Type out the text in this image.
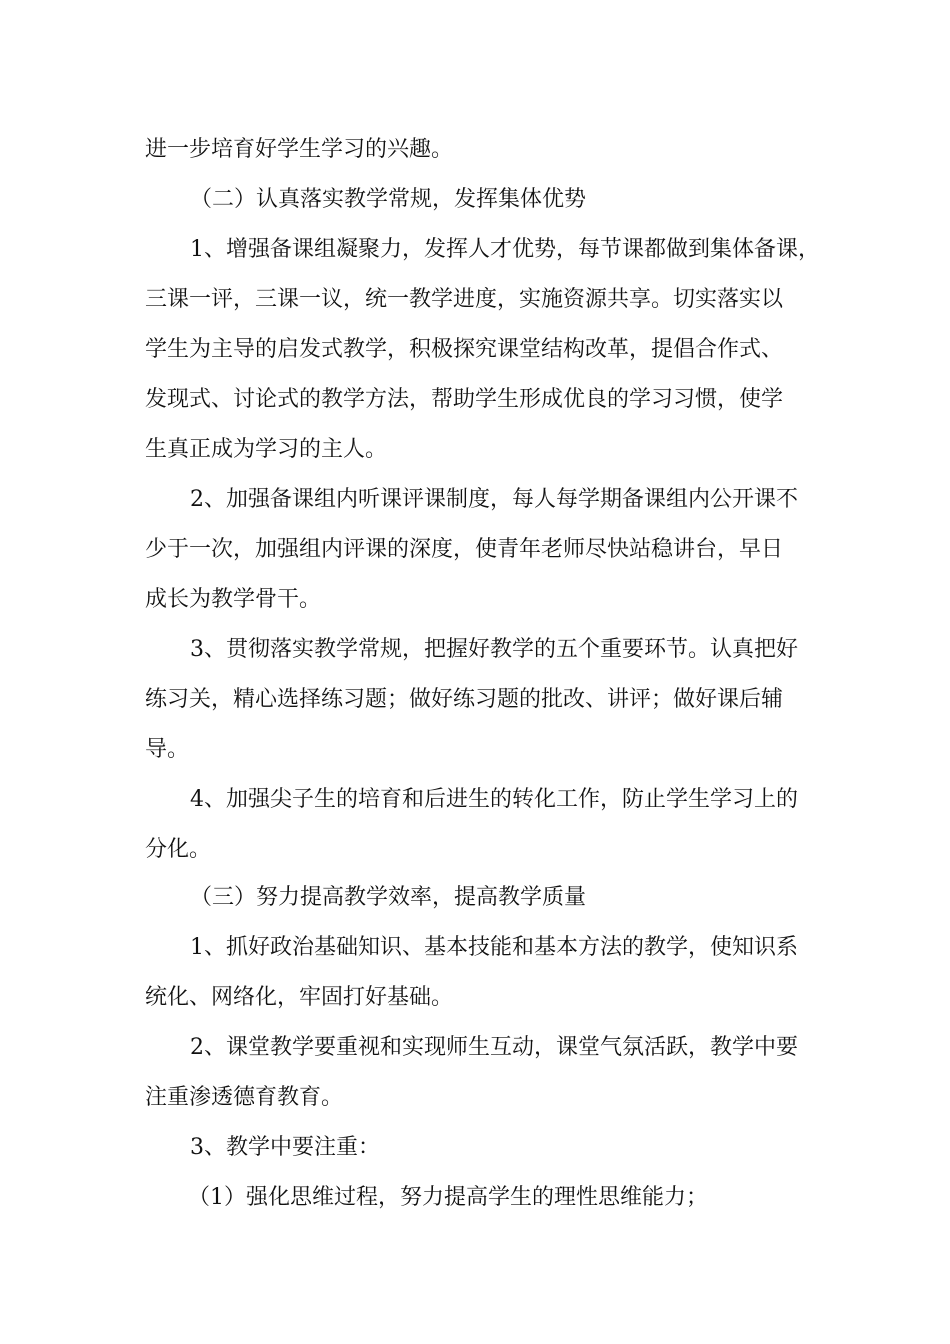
进一步培育好学生学习的兴趣。
（二）认真落实教学常规，发挥集体优势
1、增强备课组凝聚力，发挥人才优势，每节课都做到集体备课，
三课一评，三课一议，统一教学进度，实施资源共享。切实落实以
学生为主导的启发式教学，积极探究课堂结构改革，提倡合作式、
发现式、讨论式的教学方法，帮助学生形成优良的学习习惯，使学
生真正成为学习的主人。
2、加强备课组内听课评课制度，每人每学期备课组内公开课不
少于一次，加强组内评课的深度，使青年老师尽快站稳讲台，早日
成长为教学骨干。
3、贯彻落实教学常规，把握好教学的五个重要环节。认真把好
练习关，精心选择练习题；做好练习题的批改、讲评；做好课后辅
导。
4、加强尖子生的培育和后进生的转化工作，防止学生学习上的
分化。
（三）努力提高教学效率，提高教学质量
1、抓好政治基础知识、基本技能和基本方法的教学，使知识系
统化、网络化，牢固打好基础。
2、课堂教学要重视和实现师生互动，课堂气氛活跃，教学中要
注重渗透德育教育。
3、教学中要注重：
（1）强化思维过程，努力提高学生的理性思维能力；
